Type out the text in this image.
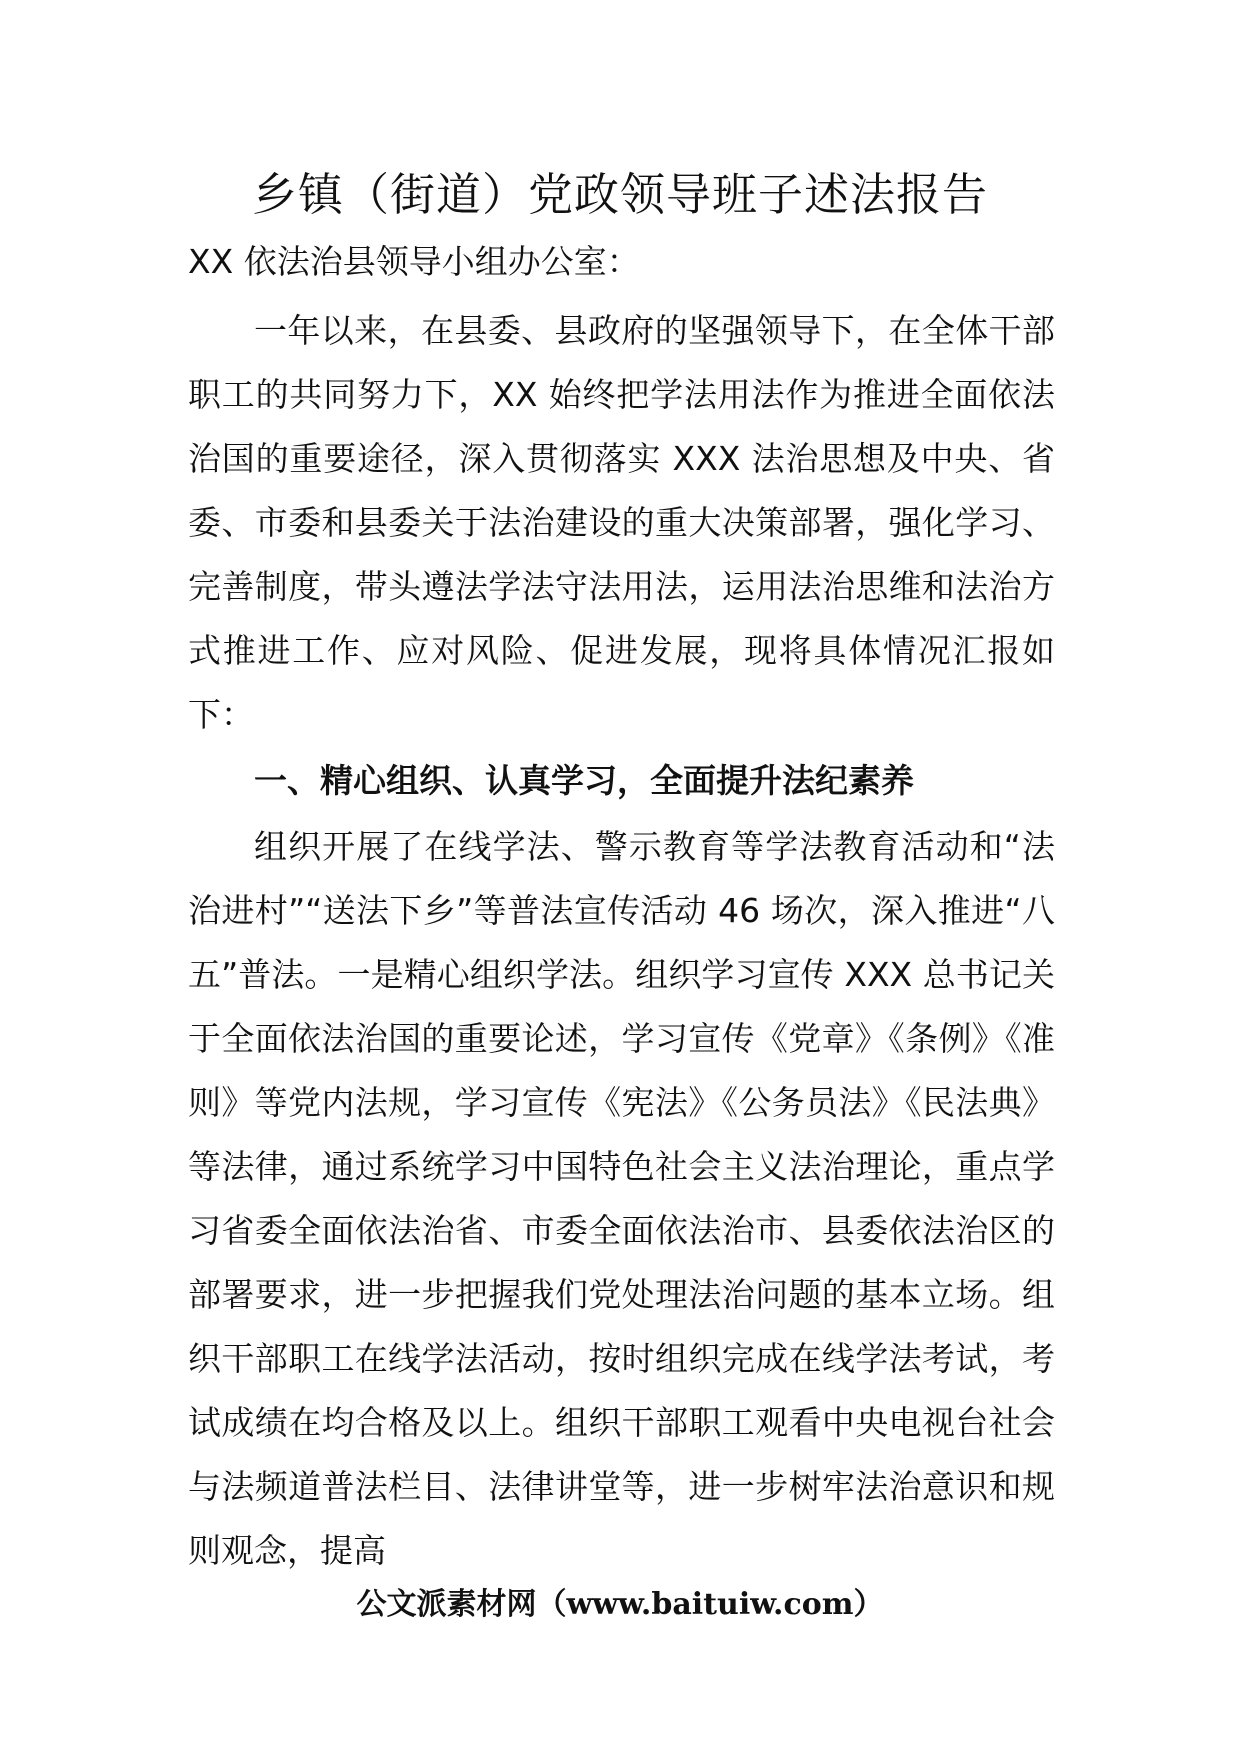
乡镇（街道）党政领导班子述法报告

XX 依法治县领导小组办公室：

一年以来，在县委、县政府的坚强领导下，在全体干部职工的共同努力下，XX 始终把学法用法作为推进全面依法治国的重要途径，深入贯彻落实 XXX 法治思想及中央、省委、市委和县委关于法治建设的重大决策部署，强化学习、完善制度，带头遵法学法守法用法，运用法治思维和法治方式推进工作、应对风险、促进发展，现将具体情况汇报如下：

一、精心组织、认真学习，全面提升法纪素养

组织开展了在线学法、警示教育等学法教育活动和“法治进村”“送法下乡”等普法宣传活动 46 场次，深入推进“八五”普法。一是精心组织学法。组织学习宣传 XXX 总书记关于全面依法治国的重要论述，学习宣传《党章》《条例》《准则》等党内法规，学习宣传《宪法》《公务员法》《民法典》等法律，通过系统学习中国特色社会主义法治理论，重点学习省委全面依法治省、市委全面依法治市、县委依法治区的部署要求，进一步把握我们党处理法治问题的基本立场。组织干部职工在线学法活动，按时组织完成在线学法考试，考试成绩在均合格及以上。组织干部职工观看中央电视台社会与法频道普法栏目、法律讲堂等，进一步树牢法治意识和规则观念，提高

公文派素材网（www.baituiw.com）
